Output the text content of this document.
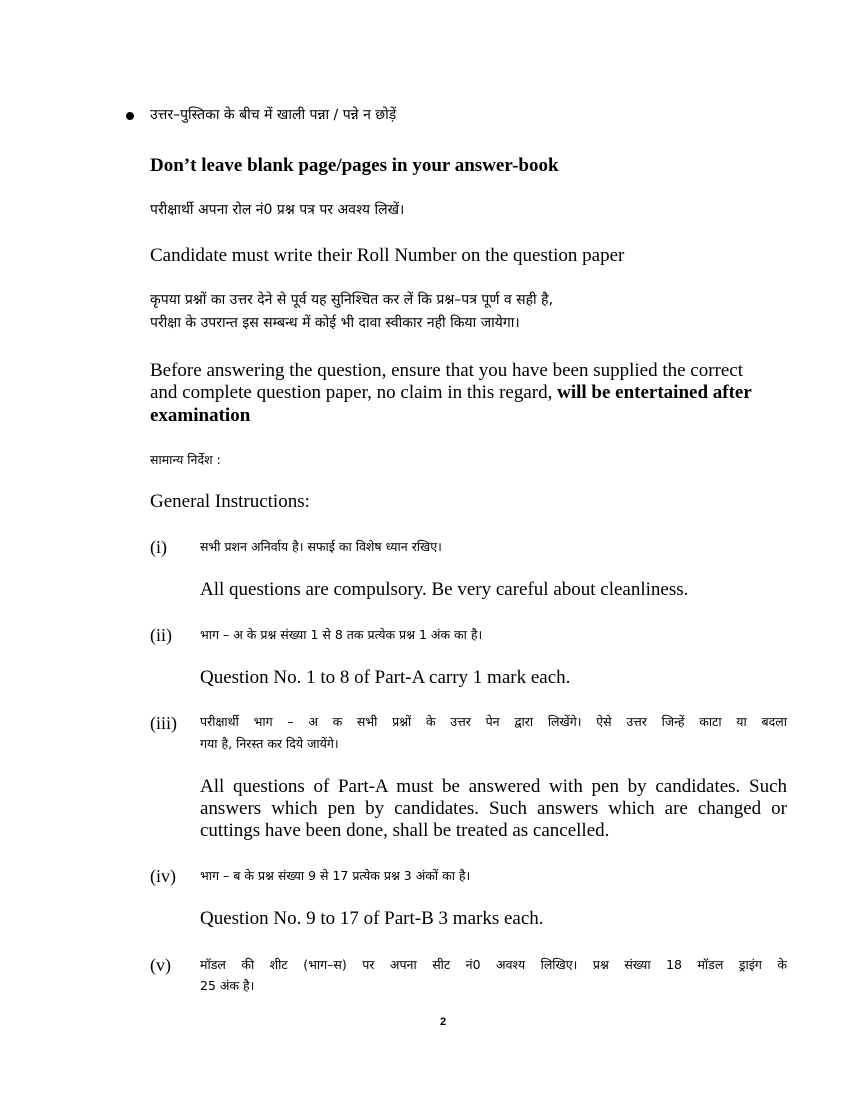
उत्तर–पुस्तिका के बीच में खाली पन्ना / पन्ने न छोड़ें
Don’t leave blank page/pages in your answer-book
परीक्षार्थी अपना रोल नं0 प्रश्न पत्र पर अवश्य लिखें।
Candidate must write their Roll Number on the question paper
कृपया प्रश्नों का उत्तर देने से पूर्व यह सुनिश्चित कर लें कि प्रश्न–पत्र पूर्ण व सही है,
परीक्षा के उपरान्त इस सम्बन्ध में कोई भी दावा स्वीकार नही किया जायेगा।
Before answering the question, ensure that you have been supplied the correct
and complete question paper, no claim in this regard, will be entertained after
examination
सामान्य निर्देश :
General Instructions:
(i)	सभी प्रशन अनिर्वाय है। सफाई का विशेष ध्यान रखिए।
All questions are compulsory. Be very careful about cleanliness.
(ii) भाग – अ के प्रश्न संख्या 1 से 8 तक प्रत्येक प्रश्न 1 अंक का है।
Question No. 1 to 8 of Part-A carry 1 mark each.
(iii) परीक्षार्थी भाग – अ क सभी प्रश्नों के उत्तर पेन द्वारा लिखेंगे। ऐसे उत्तर जिन्हें काटा या बदला
गया है, निरस्त कर दिये जायेंगे।
All questions of Part-A must be answered with pen by candidates. Such
answers which pen by candidates. Such answers which are changed or
cuttings have been done, shall be treated as cancelled.
(iv) भाग – ब के प्रश्न संख्या 9 से 17 प्रत्येक प्रश्न 3 अंकों का है।
Question No. 9 to 17 of Part-B 3 marks each.
(v) मॉडल की शीट (भाग–स) पर अपना सीट नं0 अवश्य लिखिए। प्रश्न संख्या 18 मॉडल ड्राइंग के
25 अंक है।
2
